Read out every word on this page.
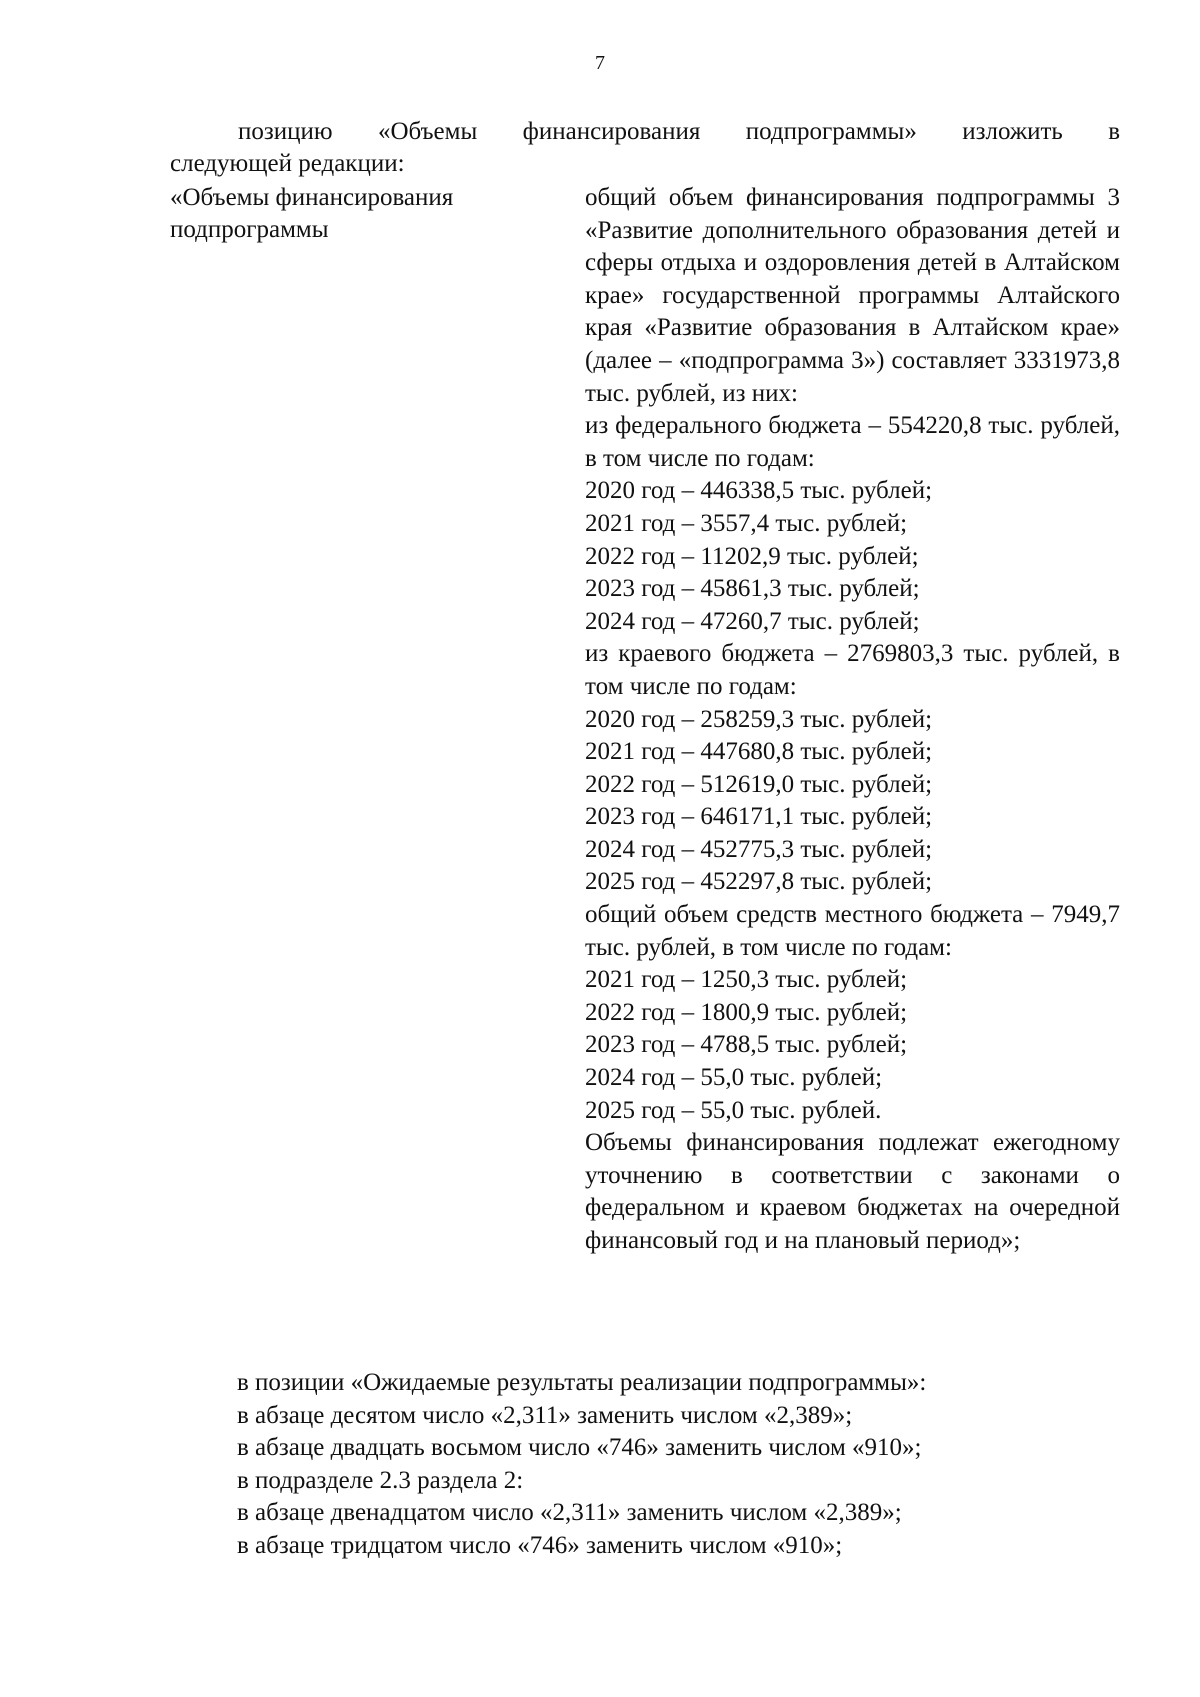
7
позицию «Объемы финансирования подпрограммы» изложить в
следующей редакции:
«Объемы финансирования подпрограммы
общий объем финансирования подпрограммы 3 «Развитие дополнительного образования детей и сферы отдыха и оздоровления детей в Алтайском крае» государственной программы Алтайского края «Развитие образования в Алтайском крае» (далее – «подпрограмма 3») составляет 3331973,8 тыс. рублей, из них:
из федерального бюджета – 554220,8 тыс. рублей, в том числе по годам:
2020 год – 446338,5 тыс. рублей;
2021 год – 3557,4 тыс. рублей;
2022 год – 11202,9 тыс. рублей;
2023 год – 45861,3 тыс. рублей;
2024 год – 47260,7 тыс. рублей;
из краевого бюджета – 2769803,3 тыс. рублей, в том числе по годам:
2020 год – 258259,3 тыс. рублей;
2021 год – 447680,8 тыс. рублей;
2022 год – 512619,0 тыс. рублей;
2023 год – 646171,1 тыс. рублей;
2024 год – 452775,3 тыс. рублей;
2025 год – 452297,8 тыс. рублей;
общий объем средств местного бюджета – 7949,7 тыс. рублей, в том числе по годам:
2021 год – 1250,3 тыс. рублей;
2022 год – 1800,9 тыс. рублей;
2023 год – 4788,5 тыс. рублей;
2024 год – 55,0 тыс. рублей;
2025 год – 55,0 тыс. рублей.
Объемы финансирования подлежат ежегодному уточнению в соответствии с законами о федеральном и краевом бюджетах на очередной финансовый год и на плановый период»;
в позиции «Ожидаемые результаты реализации подпрограммы»:
в абзаце десятом число «2,311» заменить числом «2,389»;
в абзаце двадцать восьмом число «746» заменить числом «910»;
в подразделе 2.3 раздела 2:
в абзаце двенадцатом число «2,311» заменить числом «2,389»;
в абзаце тридцатом число «746» заменить числом «910»;
